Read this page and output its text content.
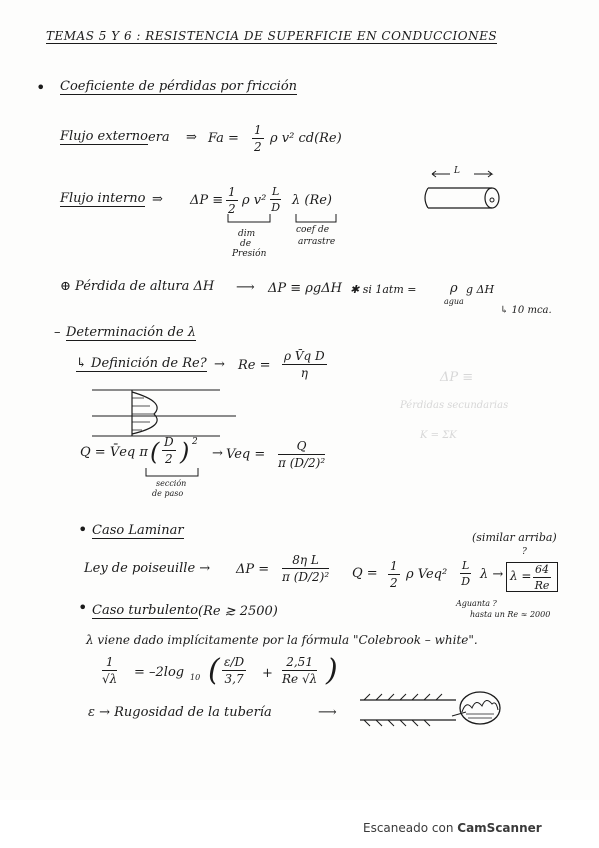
ΔP ≡
Pérdidas secundarias
K = ΣK
TEMAS 5 Y 6 : RESISTENCIA DE SUPERFICIE EN CONDUCCIONES
• Coeficiente de pérdidas por fricción
Flujo externo era ⇒ $Fa = \frac{1}{2}$ ρ v² cd(Re)
Flujo interno ⇒ $\Delta P \equiv \frac{1}{2}$ ρ $v^2 \frac{L}{D}$ λ (Re)
dim
de
Presión
coef de
arrastre
L
⊕ Pérdida de altura ΔH ⟶ ΔP ≡ ρgΔH ✱ si 1atm =	ρ
agua
g ΔH
↳ 10 mca.
– Determinación de λ
↳ Definición de Re? → $Re = \frac{\text{ρ V̄q D}}{\eta}$
Q = V̄eq π ( $\frac{D}{2}$ ) 2
→ Veq = $\frac{Q}{\text{π (D/2)²}}$
sección
de paso
• Caso Laminar	(similar arriba)
Ley de poiseuille → $\Delta P = \frac{\text{8η L}}{\text{π (D/2)²}}$ $Q = \frac{1}{2}$ ρ $Veq^2 \frac{L}{D}$ λ →
?
$\lambda = \frac{64}{Re}$
Aguanta ?
hasta un Re ≈ 2000
• Caso turbulento (Re ≳ 2500)
λ viene dado implícitamente por la fórmula "Colebrook – white".
$\frac{1}{√\lambda} = -2\log$ 10 ( $\frac{\varepsilon/D}{3,7} + \frac{2,51}{Re √\lambda}$ )
ε → Rugosidad de la tubería	⟶
Escaneado con CamScanner
